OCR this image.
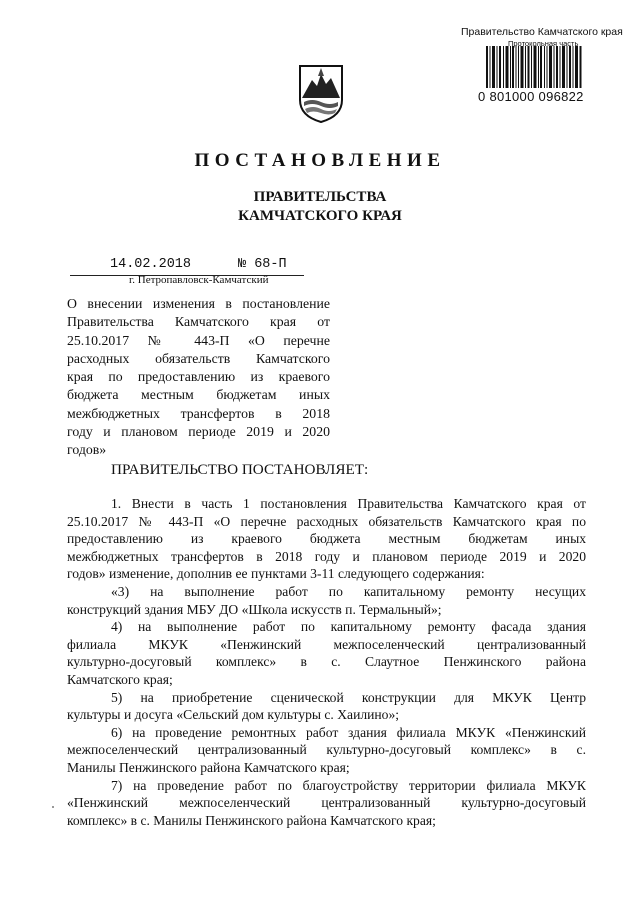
Правительство Камчатского края
Протокольная часть
0 801000 096822
ПОСТАНОВЛЕНИЕ
ПРАВИТЕЛЬСТВА
КАМЧАТСКОГО КРАЯ
14.02.2018	№ 68-П
г. Петропавловск-Камчатский
О внесении изменения в постановление
Правительства Камчатского края от
25.10.2017 № 443-П «О перечне
расходных обязательств Камчатского
края по предоставлению из краевого
бюджета местным бюджетам иных
межбюджетных трансфертов в 2018
году и плановом периоде 2019 и 2020
годов»
ПРАВИТЕЛЬСТВО ПОСТАНОВЛЯЕТ:
1. Внести в часть 1 постановления Правительства Камчатского края от
25.10.2017 № 443-П «О перечне расходных обязательств Камчатского края по
предоставлению из краевого бюджета местным бюджетам иных
межбюджетных трансфертов в 2018 году и плановом периоде 2019 и 2020
годов» изменение, дополнив ее пунктами 3-11 следующего содержания:
«3) на выполнение работ по капитальному ремонту несущих
конструкций здания МБУ ДО «Школа искусств п. Термальный»;
4) на выполнение работ по капитальному ремонту фасада здания
филиала МКУК «Пенжинский межпоселенческий централизованный
культурно-досуговый комплекс» в с. Слаутное Пенжинского района
Камчатского края;
5) на приобретение сценической конструкции для МКУК Центр
культуры и досуга «Сельский дом культуры с. Хаилино»;
6) на проведение ремонтных работ здания филиала МКУК «Пенжинский
межпоселенческий централизованный культурно-досуговый комплекс» в с.
Манилы Пенжинского района Камчатского края;
7) на проведение работ по благоустройству территории филиала МКУК
«Пенжинский межпоселенческий централизованный культурно-досуговый
комплекс» в с. Манилы Пенжинского района Камчатского края;
